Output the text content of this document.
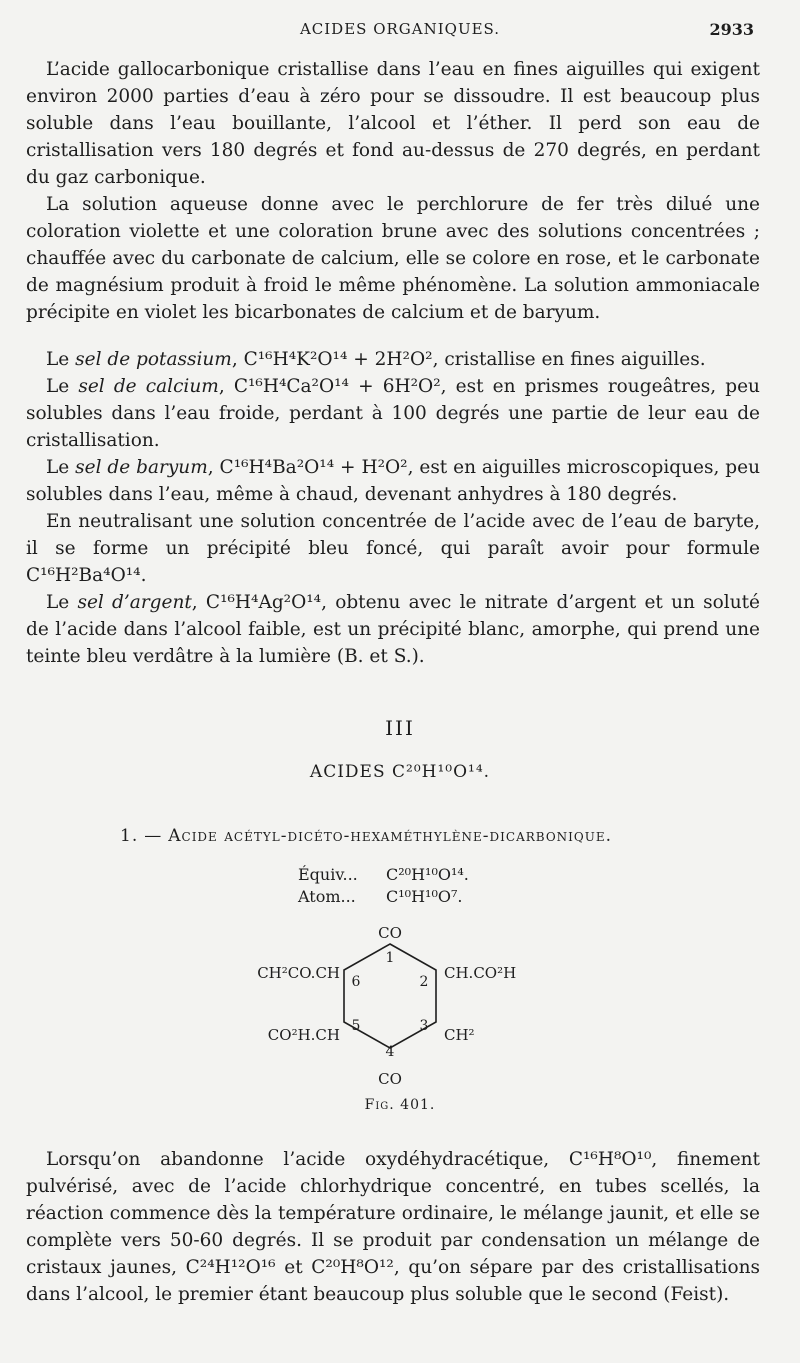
ACIDES ORGANIQUES.	2933

L’acide gallocarbonique cristallise dans l’eau en fines aiguilles qui exigent environ 2000 parties d’eau à zéro pour se dissoudre. Il est beaucoup plus soluble dans l’eau bouillante, l’alcool et l’éther. Il perd son eau de cristallisation vers 180 degrés et fond au-dessus de 270 degrés, en perdant du gaz carbonique.

La solution aqueuse donne avec le perchlorure de fer très dilué une coloration violette et une coloration brune avec des solutions concentrées ; chauffée avec du carbonate de calcium, elle se colore en rose, et le carbonate de magnésium produit à froid le même phénomène. La solution ammoniacale précipite en violet les bicarbonates de calcium et de baryum.

Le sel de potassium, C¹⁶H⁴K²O¹⁴ + 2H²O², cristallise en fines aiguilles.

Le sel de calcium, C¹⁶H⁴Ca²O¹⁴ + 6H²O², est en prismes rougeâtres, peu solubles dans l’eau froide, perdant à 100 degrés une partie de leur eau de cristallisation.

Le sel de baryum, C¹⁶H⁴Ba²O¹⁴ + H²O², est en aiguilles microscopiques, peu solubles dans l’eau, même à chaud, devenant anhydres à 180 degrés.

En neutralisant une solution concentrée de l’acide avec de l’eau de baryte, il se forme un précipité bleu foncé, qui paraît avoir pour formule C¹⁶H²Ba⁴O¹⁴.

Le sel d’argent, C¹⁶H⁴Ag²O¹⁴, obtenu avec le nitrate d’argent et un soluté de l’acide dans l’alcool faible, est un précipité blanc, amorphe, qui prend une teinte bleu verdâtre à la lumière (B. et S.).

III
ACIDES C²⁰H¹⁰O¹⁴.
1. — Acide acétyl-dicéto-hexaméthylène-dicarbonique.
Équiv... C²⁰H¹⁰O¹⁴.
Atom... C¹⁰H¹⁰O⁷.
CO
CO
CH²CO.CH	CH.CO²H
CO²H.CH	CH²
1
2
3
4
5
6
Fig. 401.

Lorsqu’on abandonne l’acide oxydéhydracétique, C¹⁶H⁸O¹⁰, finement pulvérisé, avec de l’acide chlorhydrique concentré, en tubes scellés, la réaction commence dès la température ordinaire, le mélange jaunit, et elle se complète vers 50-60 degrés. Il se produit par condensation un mélange de cristaux jaunes, C²⁴H¹²O¹⁶ et C²⁰H⁸O¹², qu’on sépare par des cristallisations dans l’alcool, le premier étant beaucoup plus soluble que le second (Feist).
